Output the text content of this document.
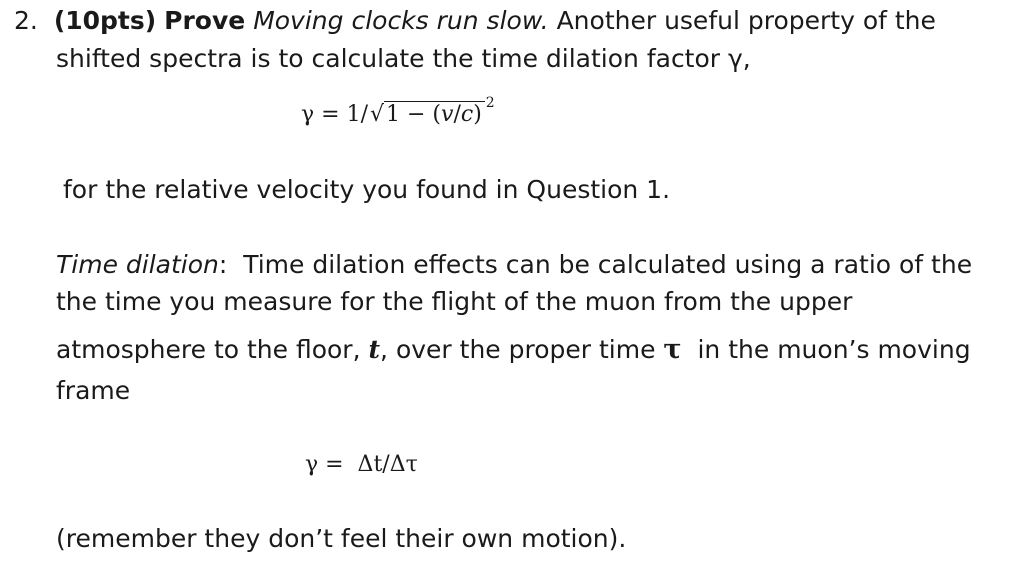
2. (10pts) Prove Moving clocks run slow. Another useful property of the
shifted spectra is to calculate the time dilation factor γ,
γ = 1/√1 − (v/c) $^2$
for the relative velocity you found in Question 1.
Time dilation:  Time dilation effects can be calculated using a ratio of the
the time you measure for the flight of the muon from the upper
atmosphere to the floor, t, over the proper time τ  in the muon’s moving
frame
γ =  Δt/Δτ
(remember they don’t feel their own motion).
